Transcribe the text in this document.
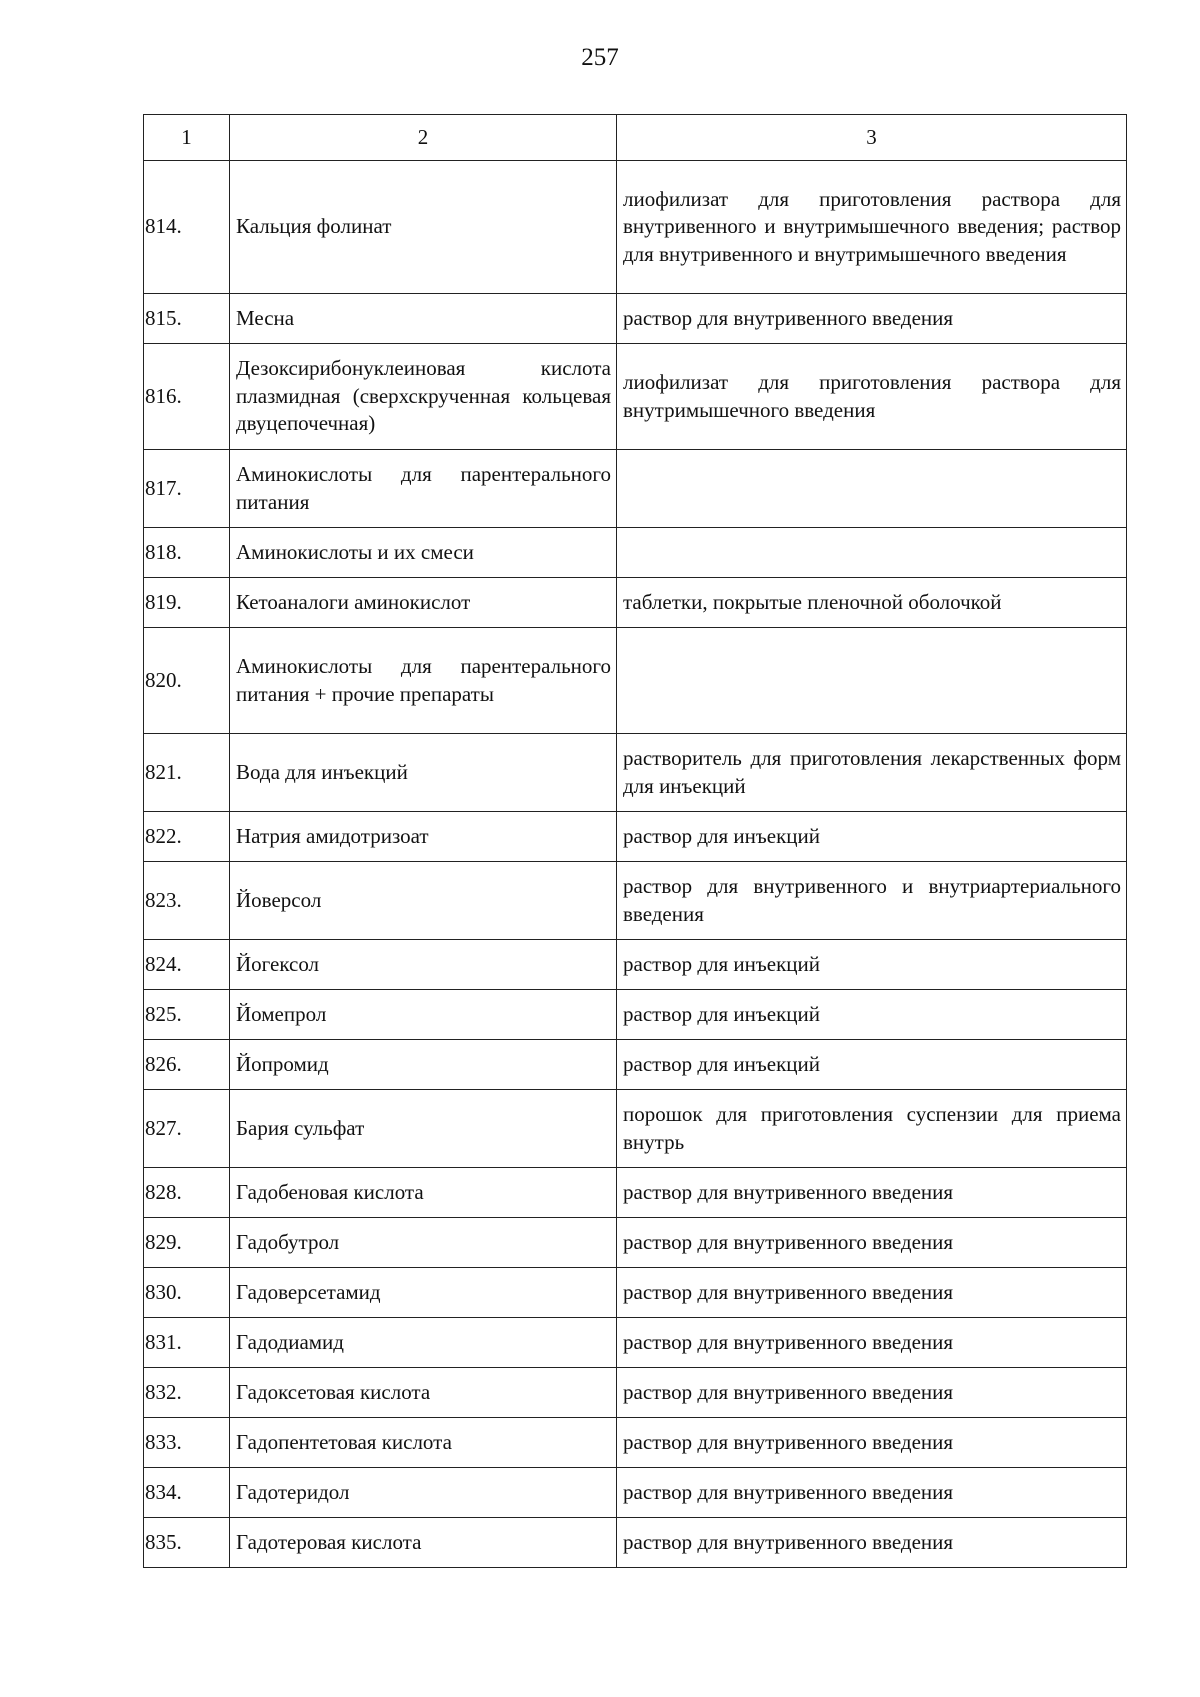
257
1	2	3
814.	Кальция фолинат	лиофилизат для приготовления раствора для внутривенного и внутримышечного введения; раствор для внутривенного и внутримышечного введения
815.	Месна	раствор для внутривенного введения
816.	Дезоксирибонуклеиновая кислота плазмидная (сверхскрученная кольцевая двуцепочечная)	лиофилизат для приготовления раствора для внутримышечного введения
817.	Аминокислоты для парентерального питания	
818.	Аминокислоты и их смеси	
819.	Кетоаналоги аминокислот	таблетки, покрытые пленочной оболочкой
820.	Аминокислоты для парентерального питания + прочие препараты	
821.	Вода для инъекций	растворитель для приготовления лекарственных форм для инъекций
822.	Натрия амидотризоат	раствор для инъекций
823.	Йоверсол	раствор для внутривенного и внутриартериального введения
824.	Йогексол	раствор для инъекций
825.	Йомепрол	раствор для инъекций
826.	Йопромид	раствор для инъекций
827.	Бария сульфат	порошок для приготовления суспензии для приема внутрь
828.	Гадобеновая кислота	раствор для внутривенного введения
829.	Гадобутрол	раствор для внутривенного введения
830.	Гадоверсетамид	раствор для внутривенного введения
831.	Гадодиамид	раствор для внутривенного введения
832.	Гадоксетовая кислота	раствор для внутривенного введения
833.	Гадопентетовая кислота	раствор для внутривенного введения
834.	Гадотеридол	раствор для внутривенного введения
835.	Гадотеровая кислота	раствор для внутривенного введения
